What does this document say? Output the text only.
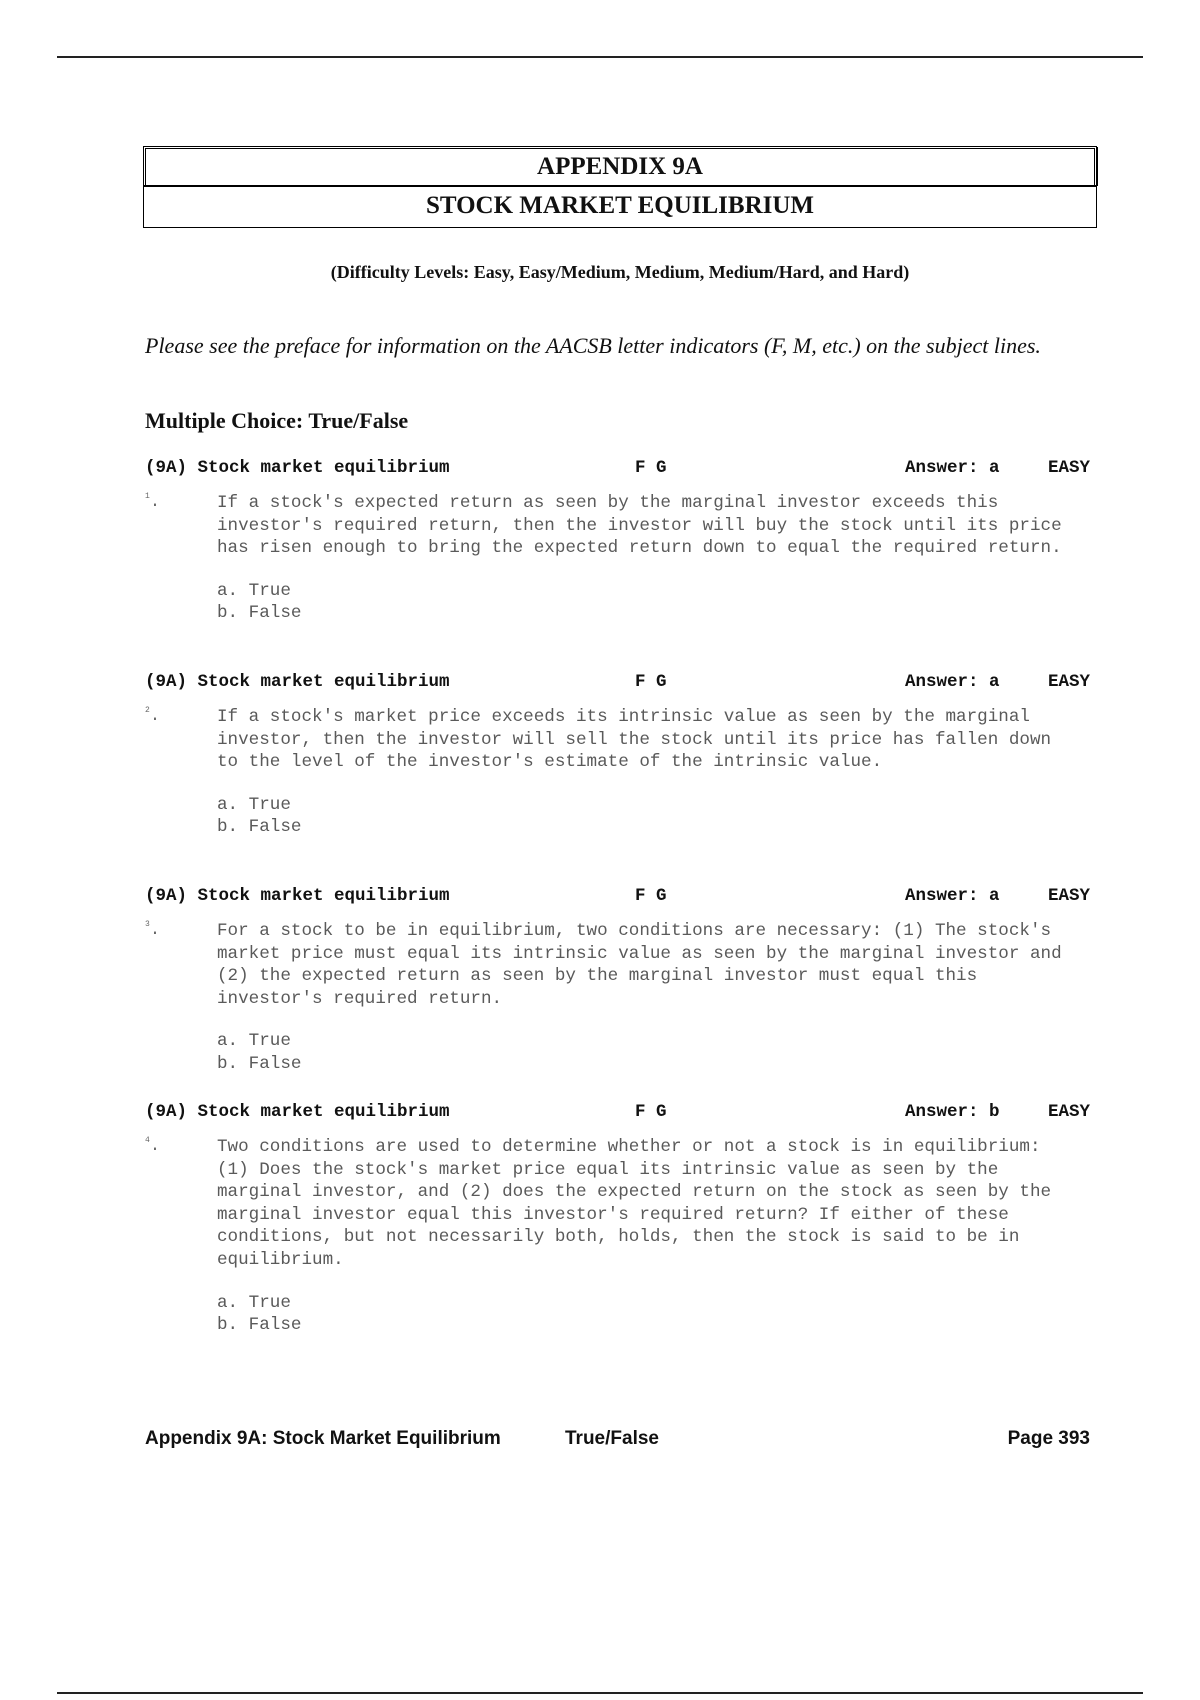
APPENDIX 9A
STOCK MARKET EQUILIBRIUM
(Difficulty Levels: Easy, Easy/Medium, Medium, Medium/Hard, and Hard)
Please see the preface for information on the AACSB letter indicators (F, M, etc.) on the subject lines.
Multiple Choice: True/False
(9A) Stock market equilibrium	F G	Answer: a	EASY
$^1$.	If a stock's expected return as seen by the marginal investor exceeds this investor's required return, then the investor will buy the stock until its price has risen enough to bring the expected return down to equal the required return.
a. True
b. False
(9A) Stock market equilibrium	F G	Answer: a	EASY
$^2$.	If a stock's market price exceeds its intrinsic value as seen by the marginal investor, then the investor will sell the stock until its price has fallen down to the level of the investor's estimate of the intrinsic value.
a. True
b. False
(9A) Stock market equilibrium	F G	Answer: a	EASY
$^3$.	For a stock to be in equilibrium, two conditions are necessary: (1) The stock's market price must equal its intrinsic value as seen by the marginal investor and (2) the expected return as seen by the marginal investor must equal this investor's required return.
a. True
b. False
(9A) Stock market equilibrium	F G	Answer: b	EASY
$^4$.	Two conditions are used to determine whether or not a stock is in equilibrium: (1) Does the stock's market price equal its intrinsic value as seen by the marginal investor, and (2) does the expected return on the stock as seen by the marginal investor equal this investor's required return? If either of these conditions, but not necessarily both, holds, then the stock is said to be in equilibrium.
a. True
b. False
Appendix 9A: Stock Market Equilibrium	True/False	Page 393
